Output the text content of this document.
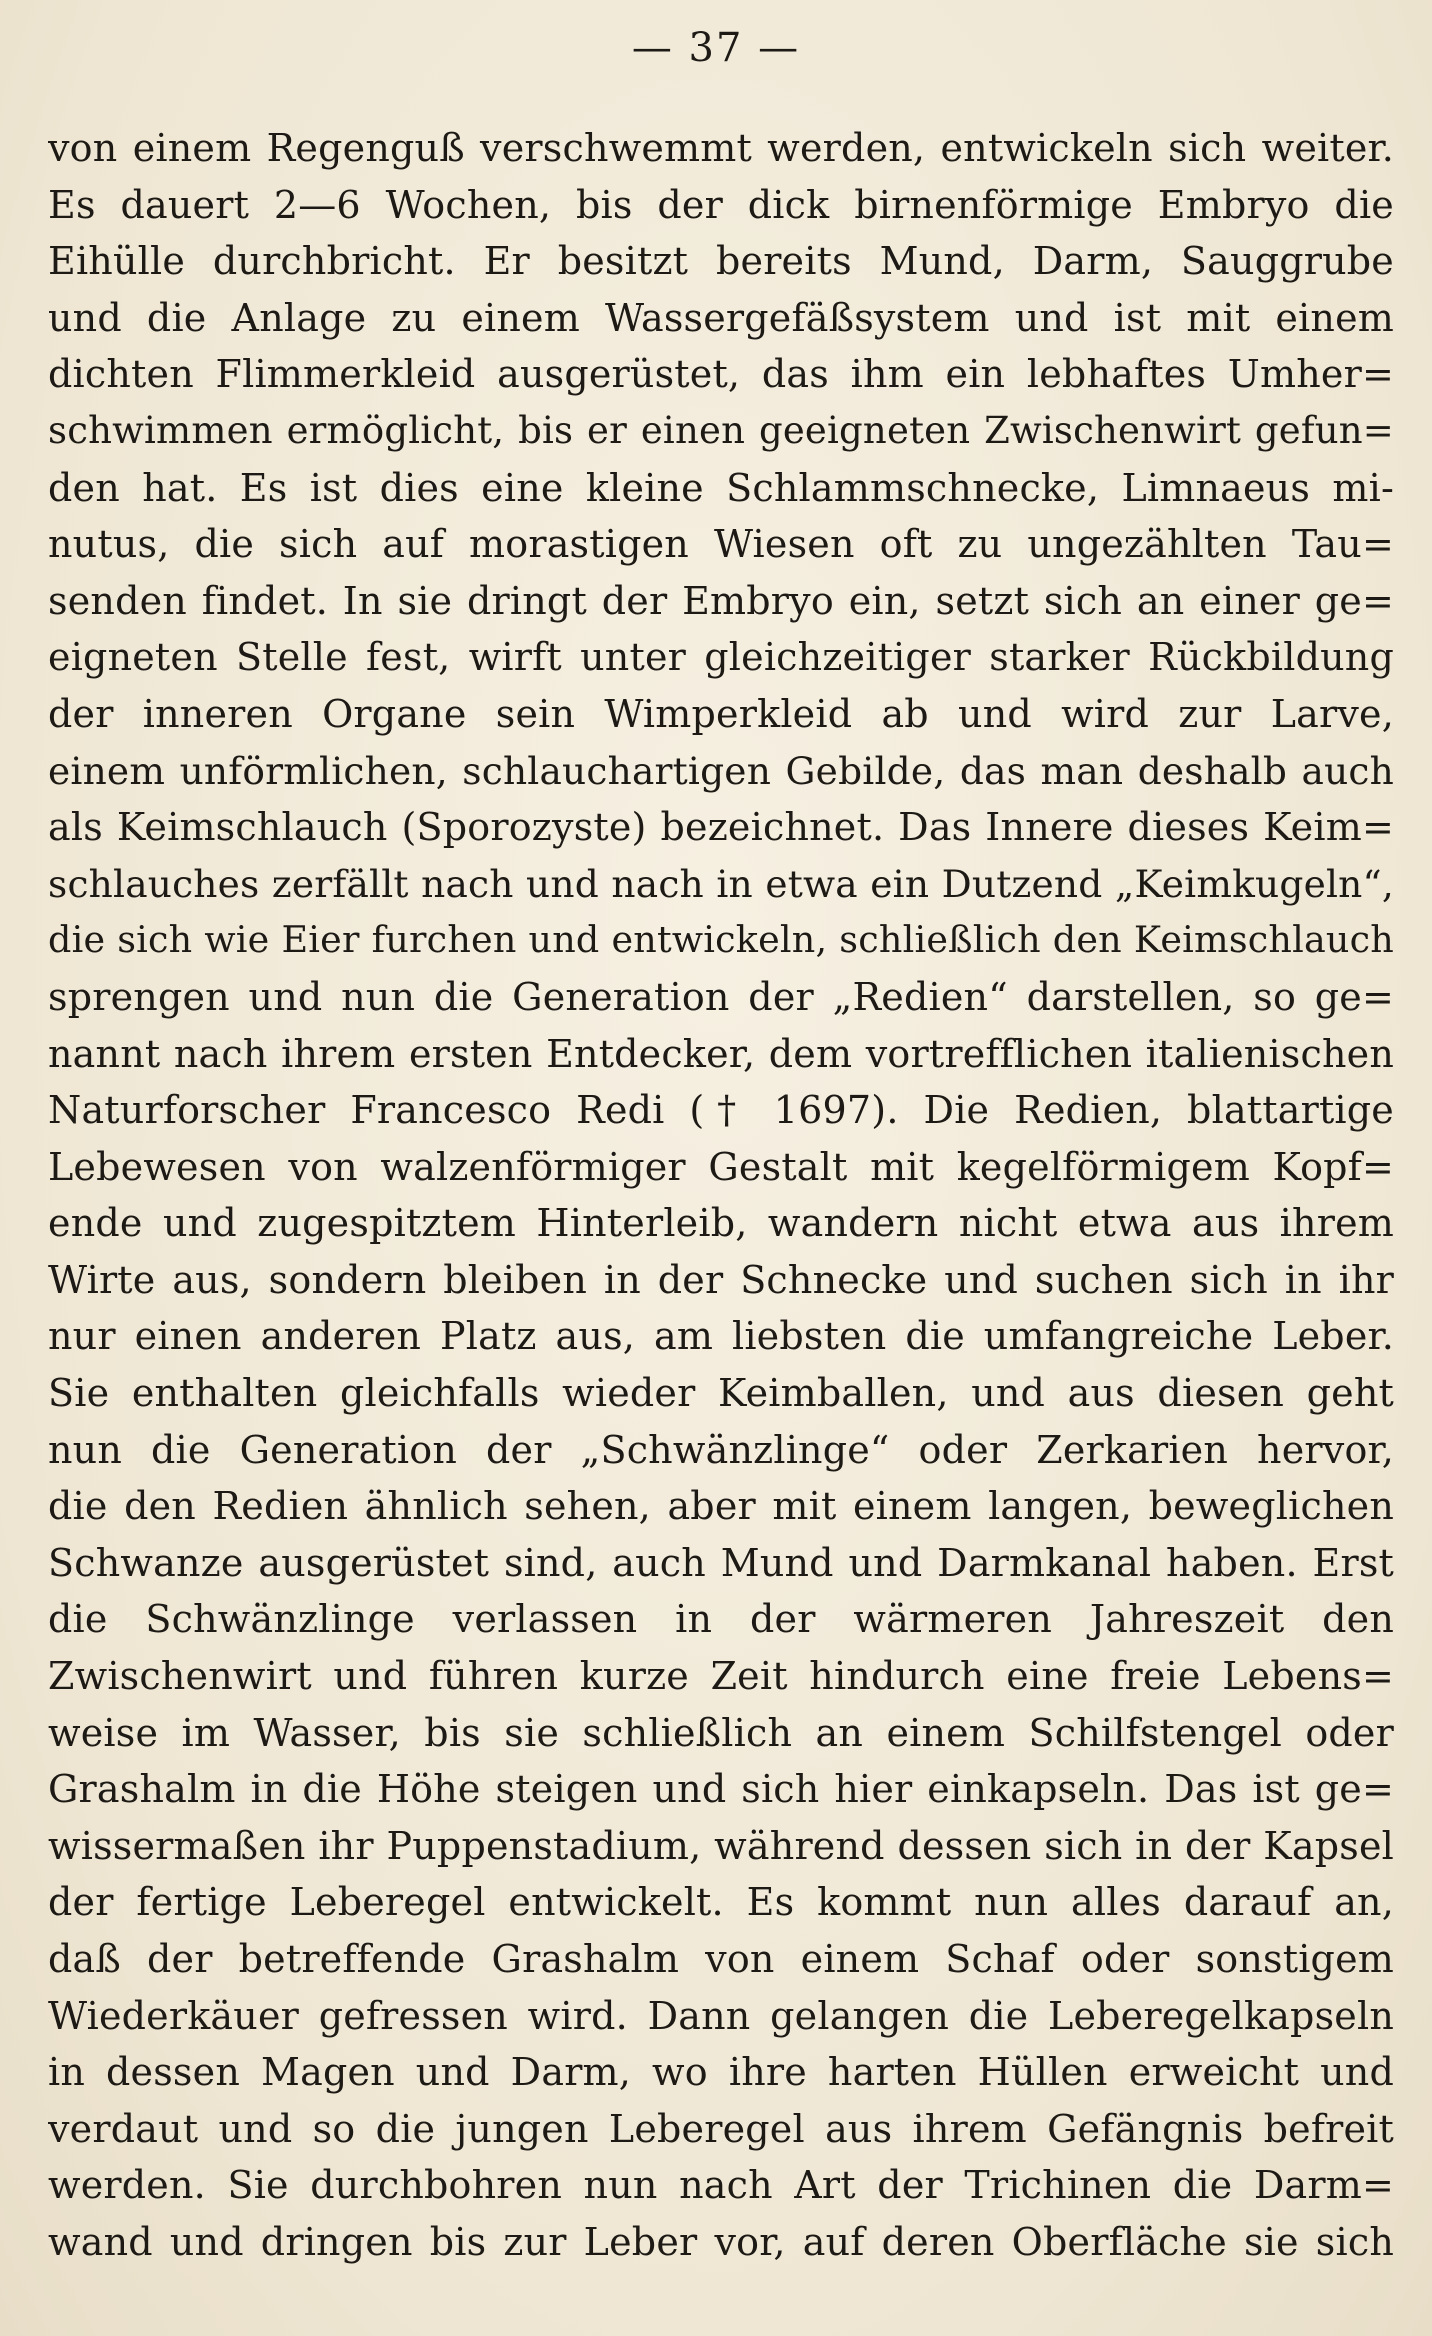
— 37 —
von einem Regenguß verschwemmt werden, entwickeln sich weiter.
Es dauert 2—6 Wochen, bis der dick birnenförmige Embryo die
Eihülle durchbricht. Er besitzt bereits Mund, Darm, Sauggrube
und die Anlage zu einem Wassergefäßsystem und ist mit einem
dichten Flimmerkleid ausgerüstet, das ihm ein lebhaftes Umher=
schwimmen ermöglicht, bis er einen geeigneten Zwischenwirt gefun=
den hat. Es ist dies eine kleine Schlammschnecke, Limnaeus mi-
nutus, die sich auf morastigen Wiesen oft zu ungezählten Tau=
senden findet. In sie dringt der Embryo ein, setzt sich an einer ge=
eigneten Stelle fest, wirft unter gleichzeitiger starker Rückbildung
der inneren Organe sein Wimperkleid ab und wird zur Larve,
einem unförmlichen, schlauchartigen Gebilde, das man deshalb auch
als Keimschlauch (Sporozyste) bezeichnet. Das Innere dieses Keim=
schlauches zerfällt nach und nach in etwa ein Dutzend „Keimkugeln“,
die sich wie Eier furchen und entwickeln, schließlich den Keimschlauch
sprengen und nun die Generation der „Redien“ darstellen, so ge=
nannt nach ihrem ersten Entdecker, dem vortrefflichen italienischen
Naturforscher Francesco Redi († 1697). Die Redien, blattartige
Lebewesen von walzenförmiger Gestalt mit kegelförmigem Kopf=
ende und zugespitztem Hinterleib, wandern nicht etwa aus ihrem
Wirte aus, sondern bleiben in der Schnecke und suchen sich in ihr
nur einen anderen Platz aus, am liebsten die umfangreiche Leber.
Sie enthalten gleichfalls wieder Keimballen, und aus diesen geht
nun die Generation der „Schwänzlinge“ oder Zerkarien hervor,
die den Redien ähnlich sehen, aber mit einem langen, beweglichen
Schwanze ausgerüstet sind, auch Mund und Darmkanal haben. Erst
die Schwänzlinge verlassen in der wärmeren Jahreszeit den
Zwischenwirt und führen kurze Zeit hindurch eine freie Lebens=
weise im Wasser, bis sie schließlich an einem Schilfstengel oder
Grashalm in die Höhe steigen und sich hier einkapseln. Das ist ge=
wissermaßen ihr Puppenstadium, während dessen sich in der Kapsel
der fertige Leberegel entwickelt. Es kommt nun alles darauf an,
daß der betreffende Grashalm von einem Schaf oder sonstigem
Wiederkäuer gefressen wird. Dann gelangen die Leberegelkapseln
in dessen Magen und Darm, wo ihre harten Hüllen erweicht und
verdaut und so die jungen Leberegel aus ihrem Gefängnis befreit
werden. Sie durchbohren nun nach Art der Trichinen die Darm=
wand und dringen bis zur Leber vor, auf deren Oberfläche sie sich
